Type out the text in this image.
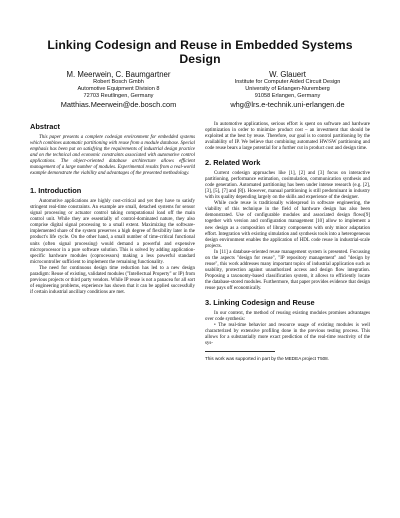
Linking Codesign and Reuse in Embedded Systems Design
M. Meerwein, C. Baumgartner
Robert Bosch Gmbh
Automotive Equipment Division 8
72703 Reutlingen, Germany
Matthias.Meerwein@de.bosch.com
W. Glauert
Institute for Computer Aided Circuit Design
University of Erlangen-Nuremberg
91058 Erlangen, Germany
whg@lrs.e-technik.uni-erlangen.de
Abstract

This paper presents a complete codesign environment for embedded systems which combines automatic partitioning with reuse from a module database. Special emphasis has been put on satisfying the requirements of industrial design practice and on the technical and economic constraints associated with automotive control applications. The object-oriented database architecture allows efficient management of a large number of modules. Experimental results from a real-world example demonstrate the viability and advantages of the presented methodology.

1. Introduction

Automotive applications are highly cost-critical and yet they have to satisfy stringent real-time constraints. An example are small, detached systems for sensor signal processing or actuator control taking computational load off the main control unit. While they are essentially of control-dominated nature, they also comprise digital signal processing to a small extent. Maximizing the software-implemented share of the system preserves a high degree of flexibility later in the product's life cycle. On the other hand, a small number of time-critical functional units (often signal processing) would demand a powerful and expensive microprocessor in a pure software solution. This is solved by adding application-specific hardware modules (coprocessors) making a less powerful standard microcontroller sufficient to implement the remaining functionality.

The need for continuous design time reduction has led to a new design paradigm: Reuse of existing, validated modules ("Intellectual Property" or IP) from previous projects or third party vendors. While IP reuse is not a panacea for all sort of engineering problems, experience has shown that it can be applied successfully if certain industrial ancillary conditions are met.

In automotive applications, serious effort is spent on software and hardware optimization in order to minimize product cost – an investment that should be exploited at the best by reuse. Therefore, our goal is to control partitioning by the availability of IP. We believe that combining automated HW/SW partitioning and code reuse bears a large potential for a further cut in product cost and design time.

2. Related Work

Current codesign approaches like [1], [2] and [3] focus on interactive partitioning, performance estimation, cosimulation, communication synthesis and code generation. Automated partitioning has been under intense research (e.g. [2], [3], [5], [7] and [8]). However, manual partitioning is still predominant in industry with its quality depending largely on the skills and experience of the designer.

While code reuse is traditionally widespread in software engineering, the viability of this technique in the field of hardware design has also been demonstrated. Use of configurable modules and associated design flows[9] together with version and configuration management [10] allow to implement a new design as a composition of library components with only minor adaptation effort. Integration with existing simulation and synthesis tools into a heterogeneous design environment enables the application of HDL code reuse in industrial-scale projects.

In [11] a database-oriented reuse management system is presented. Focussing on the aspects "design for reuse", "IP repository management" and "design by reuse", this work addresses many important topics of industrial application such as usability, protection against unauthorized access and design flow integration. Proposing a taxonomy-based classification system, it allows to efficiently locate the database-stored modules. Furthermore, that paper provides evidence that design reuse pays off economically.

3. Linking Codesign and Reuse

In our context, the method of reusing existing modules promises advantages over code synthesis:

• The real-time behavior and resource usage of existing modules is well characterized by extensive profiling done in the previous testing process. This allows for a substantially more exact prediction of the real-time reactivity of the sys-

This work was supported in part by the MEDEA project T508.
